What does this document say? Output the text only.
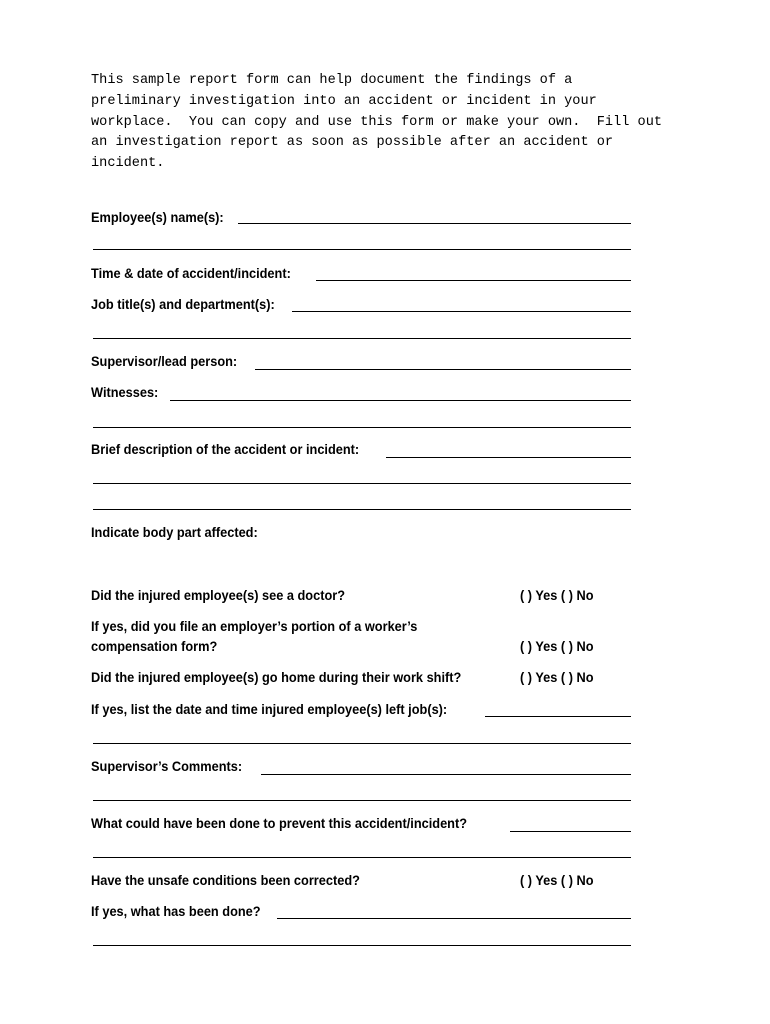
This sample report form can help document the findings of a
preliminary investigation into an accident or incident in your
workplace.  You can copy and use this form or make your own.  Fill out
an investigation report as soon as possible after an accident or
incident.
Employee(s) name(s):
Time & date of accident/incident:
Job title(s) and department(s):
Supervisor/lead person:
Witnesses:
Brief description of the accident or incident:
Indicate body part affected:
Did the injured employee(s) see a doctor?	( ) Yes ( ) No
If yes, did you file an employer’s portion of a worker’s
compensation form?	( ) Yes ( ) No
Did the injured employee(s) go home during their work shift?	( ) Yes ( ) No
If yes, list the date and time injured employee(s) left job(s):
Supervisor’s Comments:
What could have been done to prevent this accident/incident?
Have the unsafe conditions been corrected?	( ) Yes ( ) No
If yes, what has been done?
